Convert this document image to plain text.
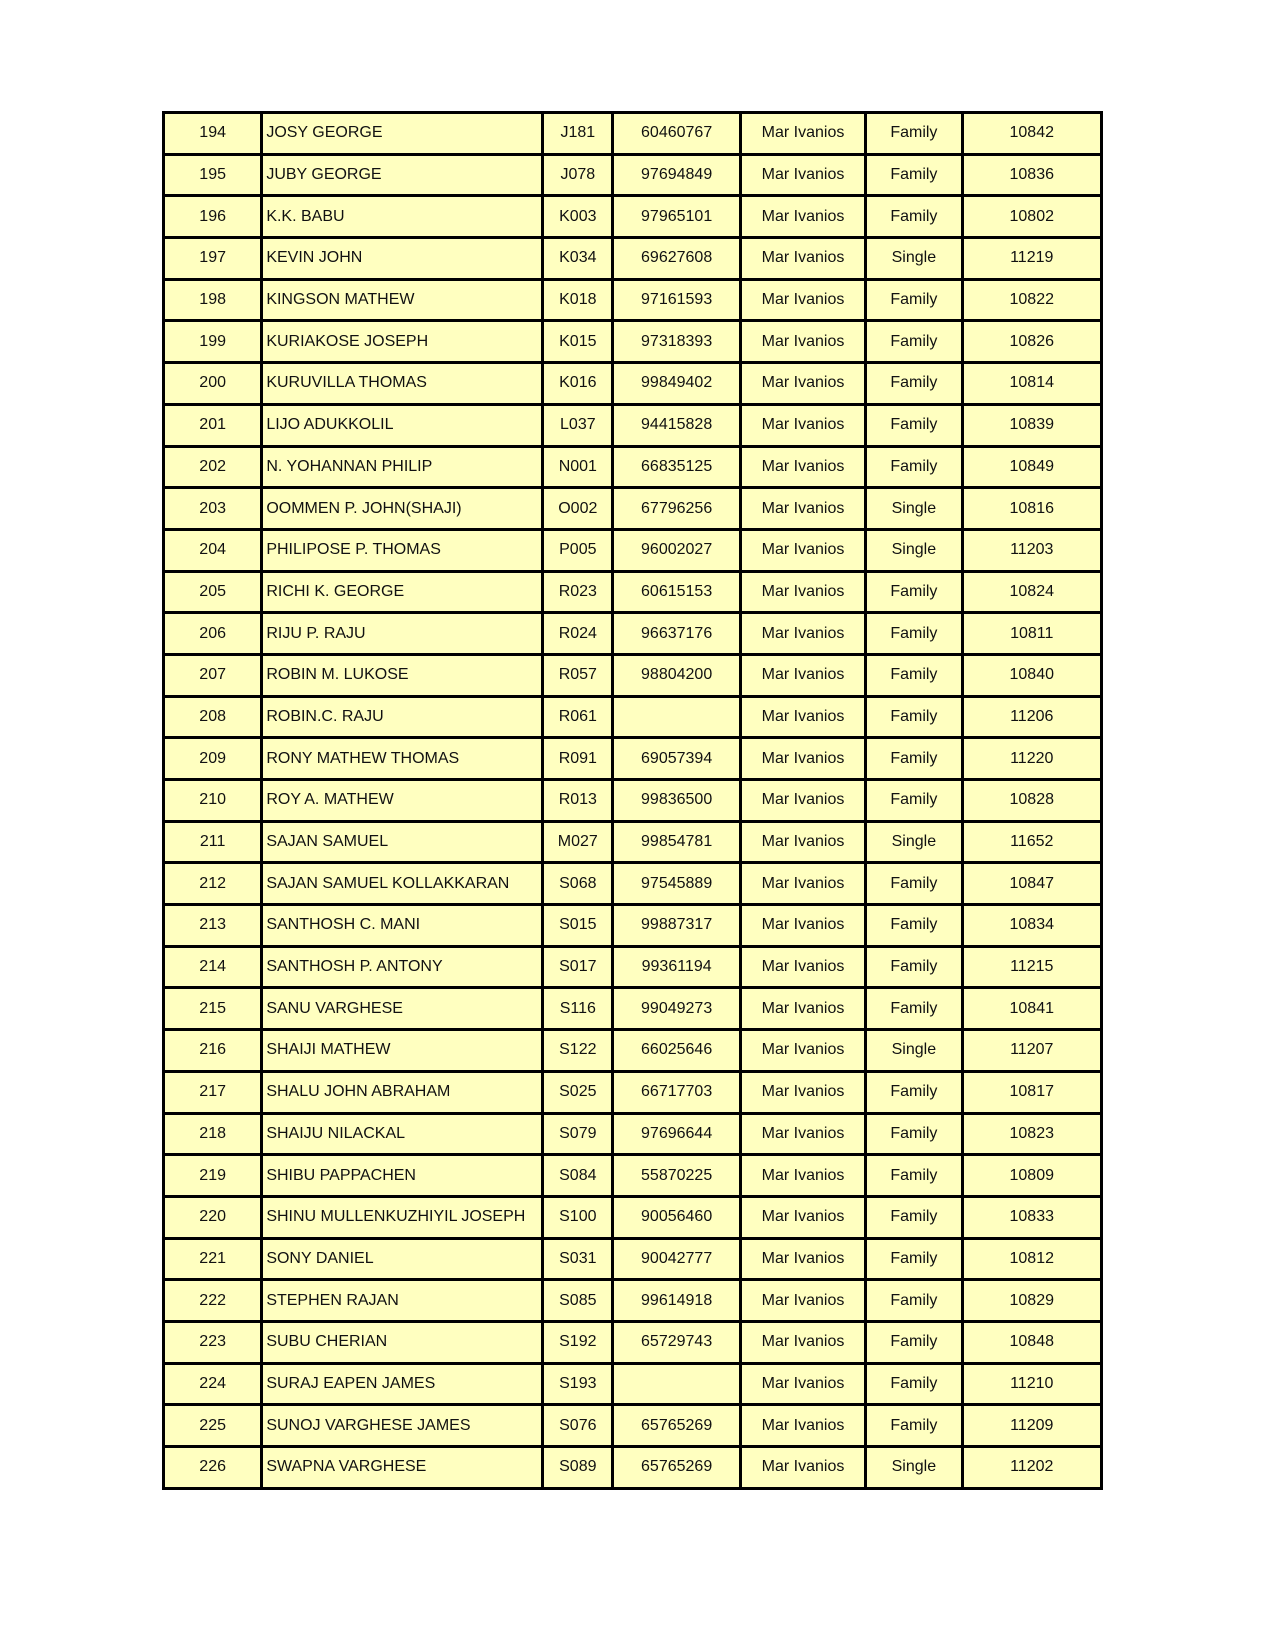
194	JOSY GEORGE	J181	60460767	Mar Ivanios	Family	10842
195	JUBY GEORGE	J078	97694849	Mar Ivanios	Family	10836
196	K.K. BABU	K003	97965101	Mar Ivanios	Family	10802
197	KEVIN JOHN	K034	69627608	Mar Ivanios	Single	11219
198	KINGSON MATHEW	K018	97161593	Mar Ivanios	Family	10822
199	KURIAKOSE JOSEPH	K015	97318393	Mar Ivanios	Family	10826
200	KURUVILLA THOMAS	K016	99849402	Mar Ivanios	Family	10814
201	LIJO ADUKKOLIL	L037	94415828	Mar Ivanios	Family	10839
202	N. YOHANNAN PHILIP	N001	66835125	Mar Ivanios	Family	10849
203	OOMMEN P. JOHN(SHAJI)	O002	67796256	Mar Ivanios	Single	10816
204	PHILIPOSE P. THOMAS	P005	96002027	Mar Ivanios	Single	11203
205	RICHI K. GEORGE	R023	60615153	Mar Ivanios	Family	10824
206	RIJU P. RAJU	R024	96637176	Mar Ivanios	Family	10811
207	ROBIN M. LUKOSE	R057	98804200	Mar Ivanios	Family	10840
208	ROBIN.C. RAJU	R061		Mar Ivanios	Family	11206
209	RONY MATHEW THOMAS	R091	69057394	Mar Ivanios	Family	11220
210	ROY A. MATHEW	R013	99836500	Mar Ivanios	Family	10828
211	SAJAN SAMUEL	M027	99854781	Mar Ivanios	Single	11652
212	SAJAN SAMUEL KOLLAKKARAN	S068	97545889	Mar Ivanios	Family	10847
213	SANTHOSH C. MANI	S015	99887317	Mar Ivanios	Family	10834
214	SANTHOSH P. ANTONY	S017	99361194	Mar Ivanios	Family	11215
215	SANU VARGHESE	S116	99049273	Mar Ivanios	Family	10841
216	SHAIJI MATHEW	S122	66025646	Mar Ivanios	Single	11207
217	SHALU JOHN ABRAHAM	S025	66717703	Mar Ivanios	Family	10817
218	SHAIJU NILACKAL	S079	97696644	Mar Ivanios	Family	10823
219	SHIBU PAPPACHEN	S084	55870225	Mar Ivanios	Family	10809
220	SHINU MULLENKUZHIYIL JOSEPH	S100	90056460	Mar Ivanios	Family	10833
221	SONY DANIEL	S031	90042777	Mar Ivanios	Family	10812
222	STEPHEN RAJAN	S085	99614918	Mar Ivanios	Family	10829
223	SUBU CHERIAN	S192	65729743	Mar Ivanios	Family	10848
224	SURAJ EAPEN JAMES	S193		Mar Ivanios	Family	11210
225	SUNOJ VARGHESE JAMES	S076	65765269	Mar Ivanios	Family	11209
226	SWAPNA VARGHESE	S089	65765269	Mar Ivanios	Single	11202
